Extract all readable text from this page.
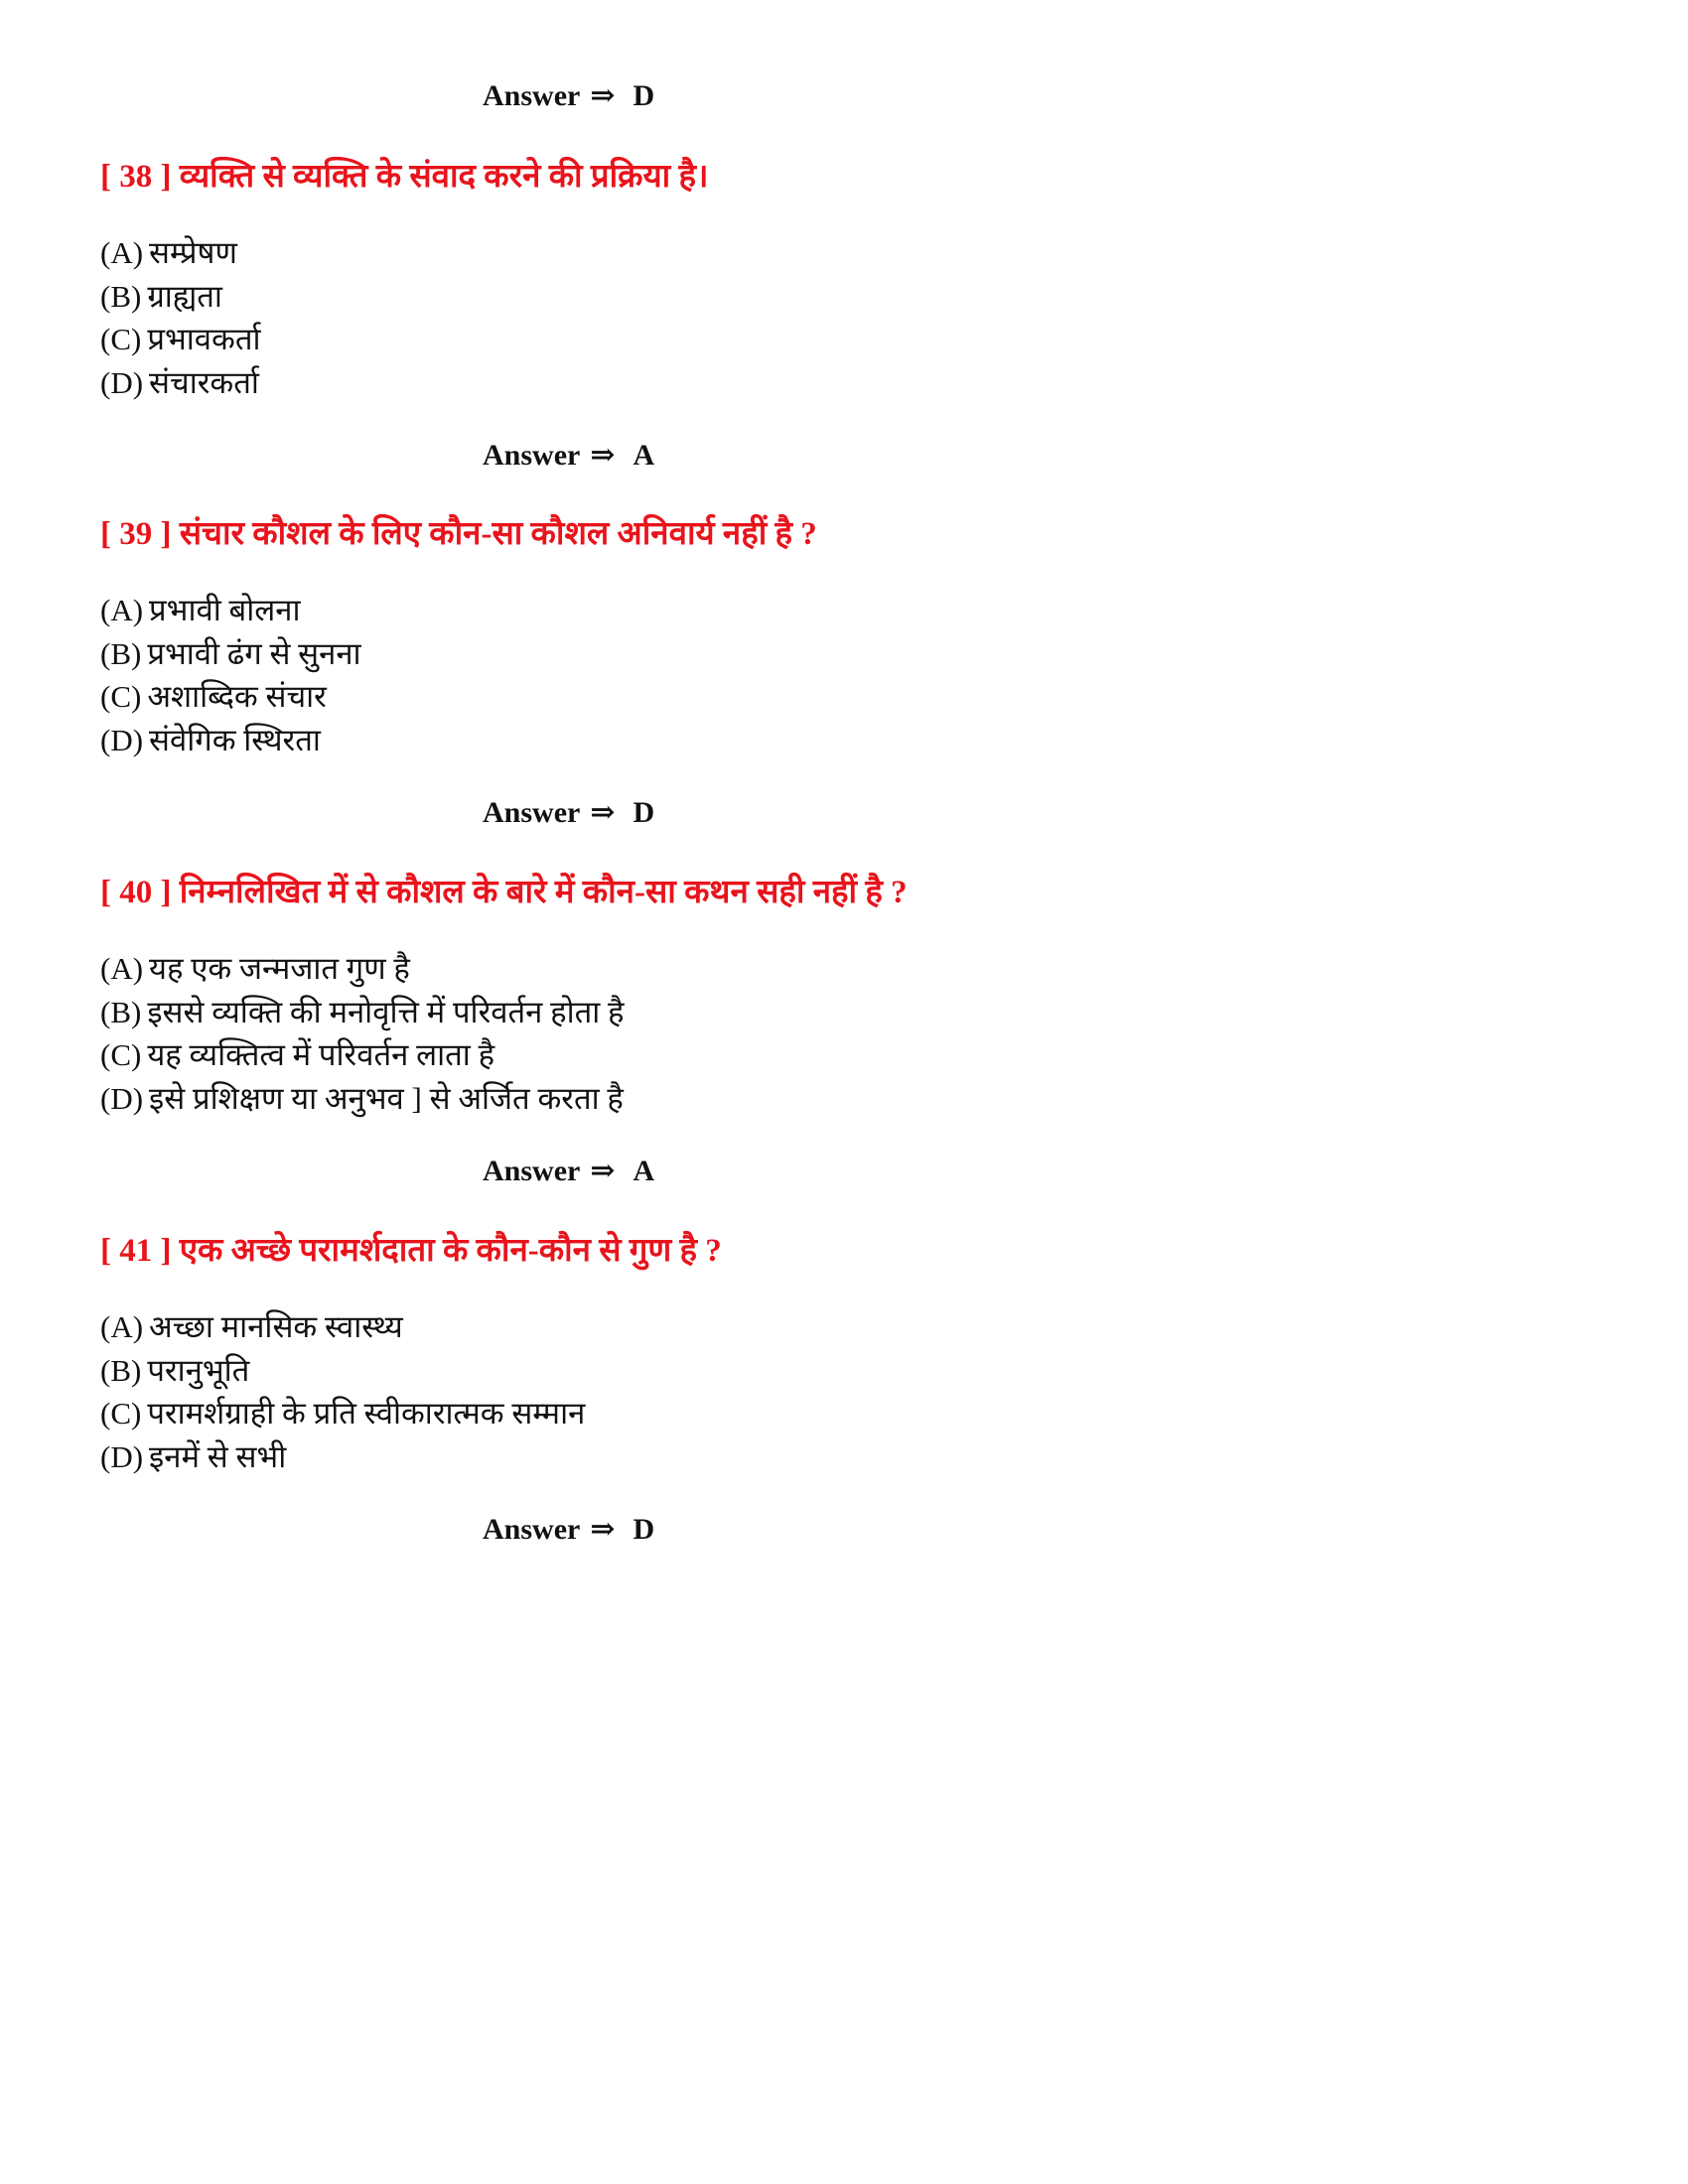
Answer ⇒ D
[ 38 ] व्यक्ति से व्यक्ति के संवाद करने की प्रक्रिया है।
(A) सम्प्रेषण
(B) ग्राह्यता
(C) प्रभावकर्ता
(D) संचारकर्ता
Answer ⇒ A
[ 39 ] संचार कौशल के लिए कौन-सा कौशल अनिवार्य नहीं है ?
(A) प्रभावी बोलना
(B) प्रभावी ढंग से सुनना
(C) अशाब्दिक संचार
(D) संवेगिक स्थिरता
Answer ⇒ D
[ 40 ] निम्नलिखित में से कौशल के बारे में कौन-सा कथन सही नहीं है ?
(A) यह एक जन्मजात गुण है
(B) इससे व्यक्ति की मनोवृत्ति में परिवर्तन होता है
(C) यह व्यक्तित्व में परिवर्तन लाता है
(D) इसे प्रशिक्षण या अनुभव ] से अर्जित करता है
Answer ⇒ A
[ 41 ] एक अच्छे परामर्शदाता के कौन-कौन से गुण है ?
(A) अच्छा मानसिक स्वास्थ्य
(B) परानुभूति
(C) परामर्शग्राही के प्रति स्वीकारात्मक सम्मान
(D) इनमें से सभी
Answer ⇒ D
